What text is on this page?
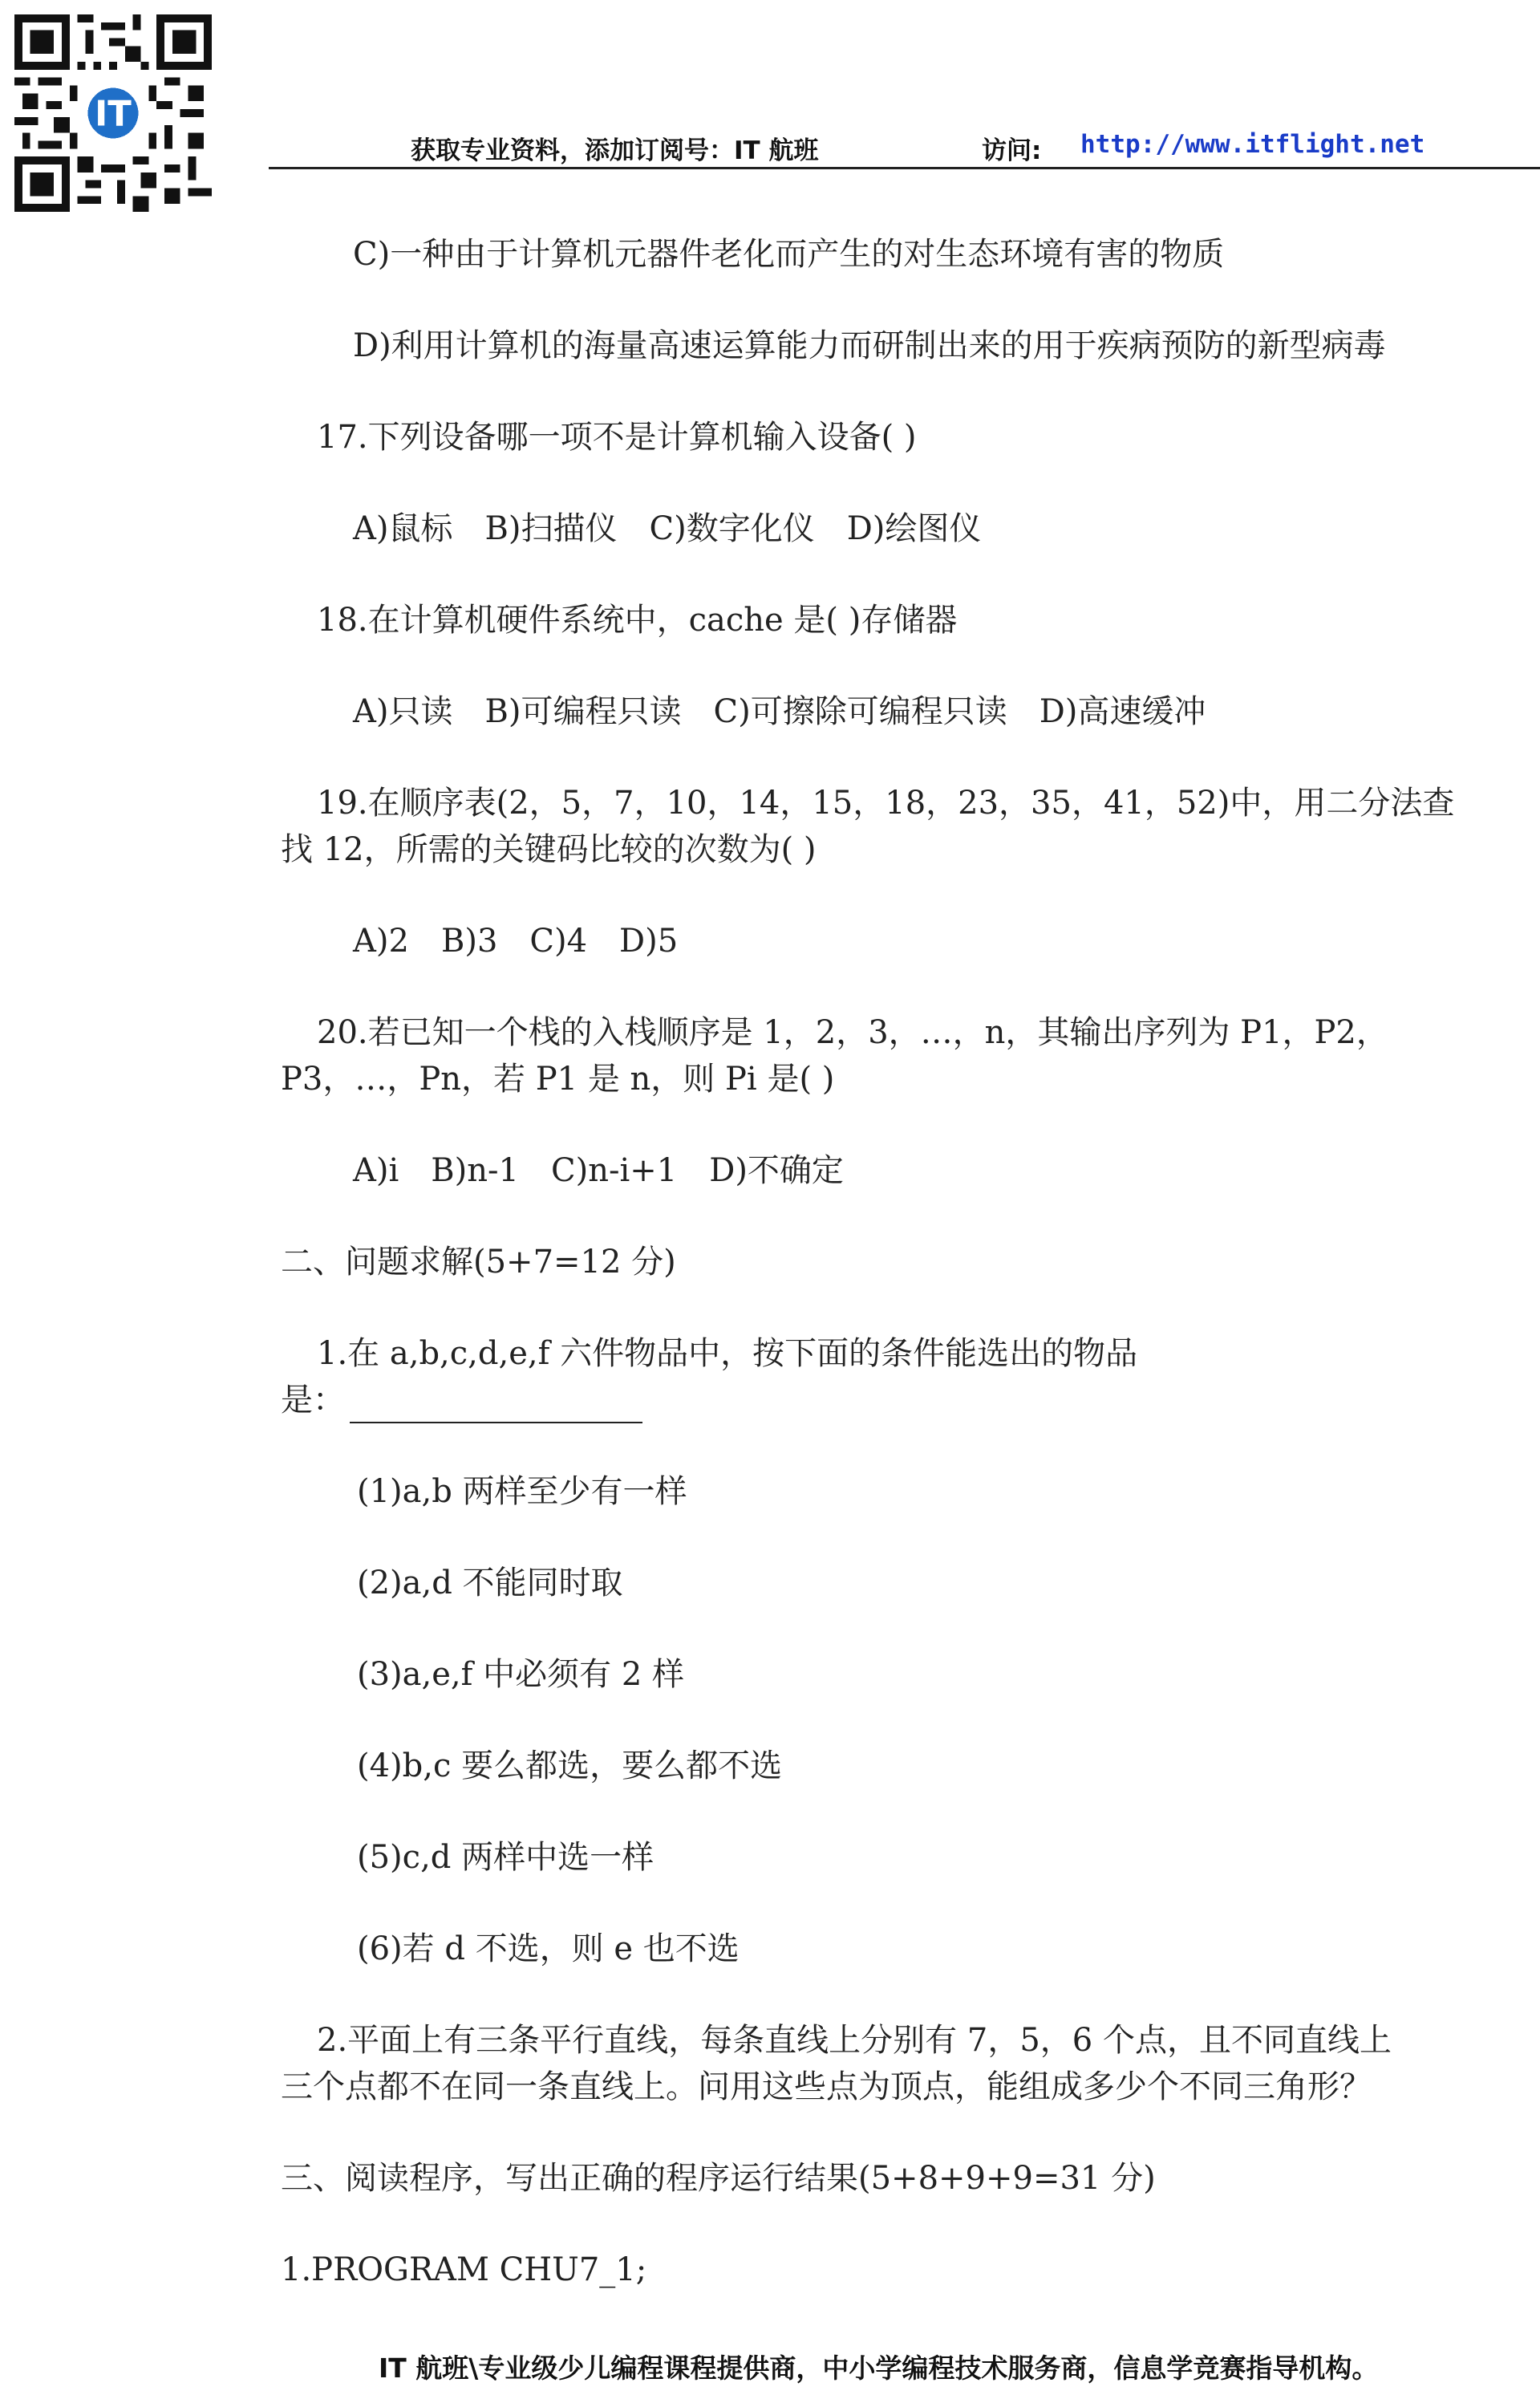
IT
获取专业资料，添加订阅号：IT 航班	访问: http://www.itflight.net
C)一种由于计算机元器件老化而产生的对生态环境有害的物质
D)利用计算机的海量高速运算能力而研制出来的用于疾病预防的新型病毒
17.下列设备哪一项不是计算机输入设备( )
A)鼠标　B)扫描仪　C)数字化仪　D)绘图仪
18.在计算机硬件系统中，cache 是( )存储器
A)只读　B)可编程只读　C)可擦除可编程只读　D)高速缓冲
19.在顺序表(2，5，7，10，14，15，18，23，35，41，52)中，用二分法查
找 12，所需的关键码比较的次数为( )
A)2　B)3　C)4　D)5
20.若已知一个栈的入栈顺序是 1，2，3，…，n，其输出序列为 P1，P2，
P3，…，Pn，若 P1 是 n，则 Pi 是( )
A)i　B)n-1　C)n-i+1　D)不确定
二、问题求解(5+7=12 分)
1.在 a,b,c,d,e,f 六件物品中，按下面的条件能选出的物品
是：
(1)a,b 两样至少有一样
(2)a,d 不能同时取
(3)a,e,f 中必须有 2 样
(4)b,c 要么都选，要么都不选
(5)c,d 两样中选一样
(6)若 d 不选，则 e 也不选
2.平面上有三条平行直线，每条直线上分别有 7，5，6 个点，且不同直线上
三个点都不在同一条直线上。问用这些点为顶点，能组成多少个不同三角形？
三、阅读程序，写出正确的程序运行结果(5+8+9+9=31 分)
1.PROGRAM CHU7_1;
IT 航班\专业级少儿编程课程提供商，中小学编程技术服务商，信息学竞赛指导机构。
